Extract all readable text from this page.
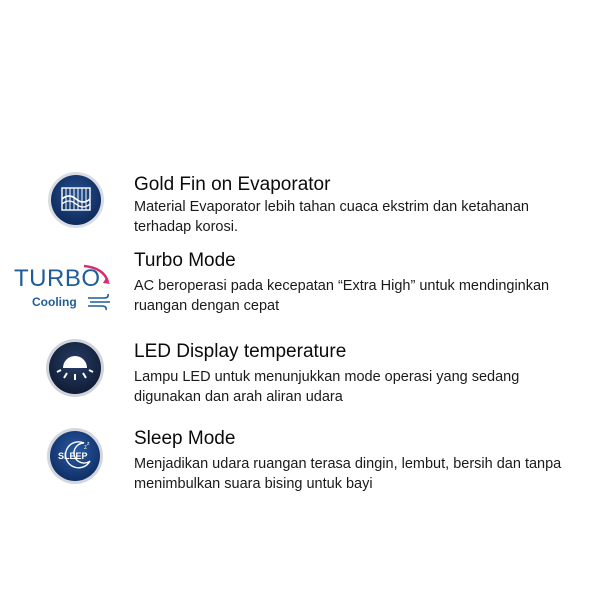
Gold Fin on Evaporator

Material Evaporator lebih tahan cuaca ekstrim dan ketahanan terhadap korosi.

TURBO
Cooling

Turbo Mode

AC beroperasi pada kecepatan “Extra High” untuk mendinginkan ruangan dengan cepat

LED Display temperature

Lampu LED untuk menunjukkan mode operasi yang sedang digunakan dan arah aliran udara

SLEEP
z
z Sleep Mode

Menjadikan udara ruangan terasa dingin, lembut, bersih dan tanpa menimbulkan suara bising untuk bayi
